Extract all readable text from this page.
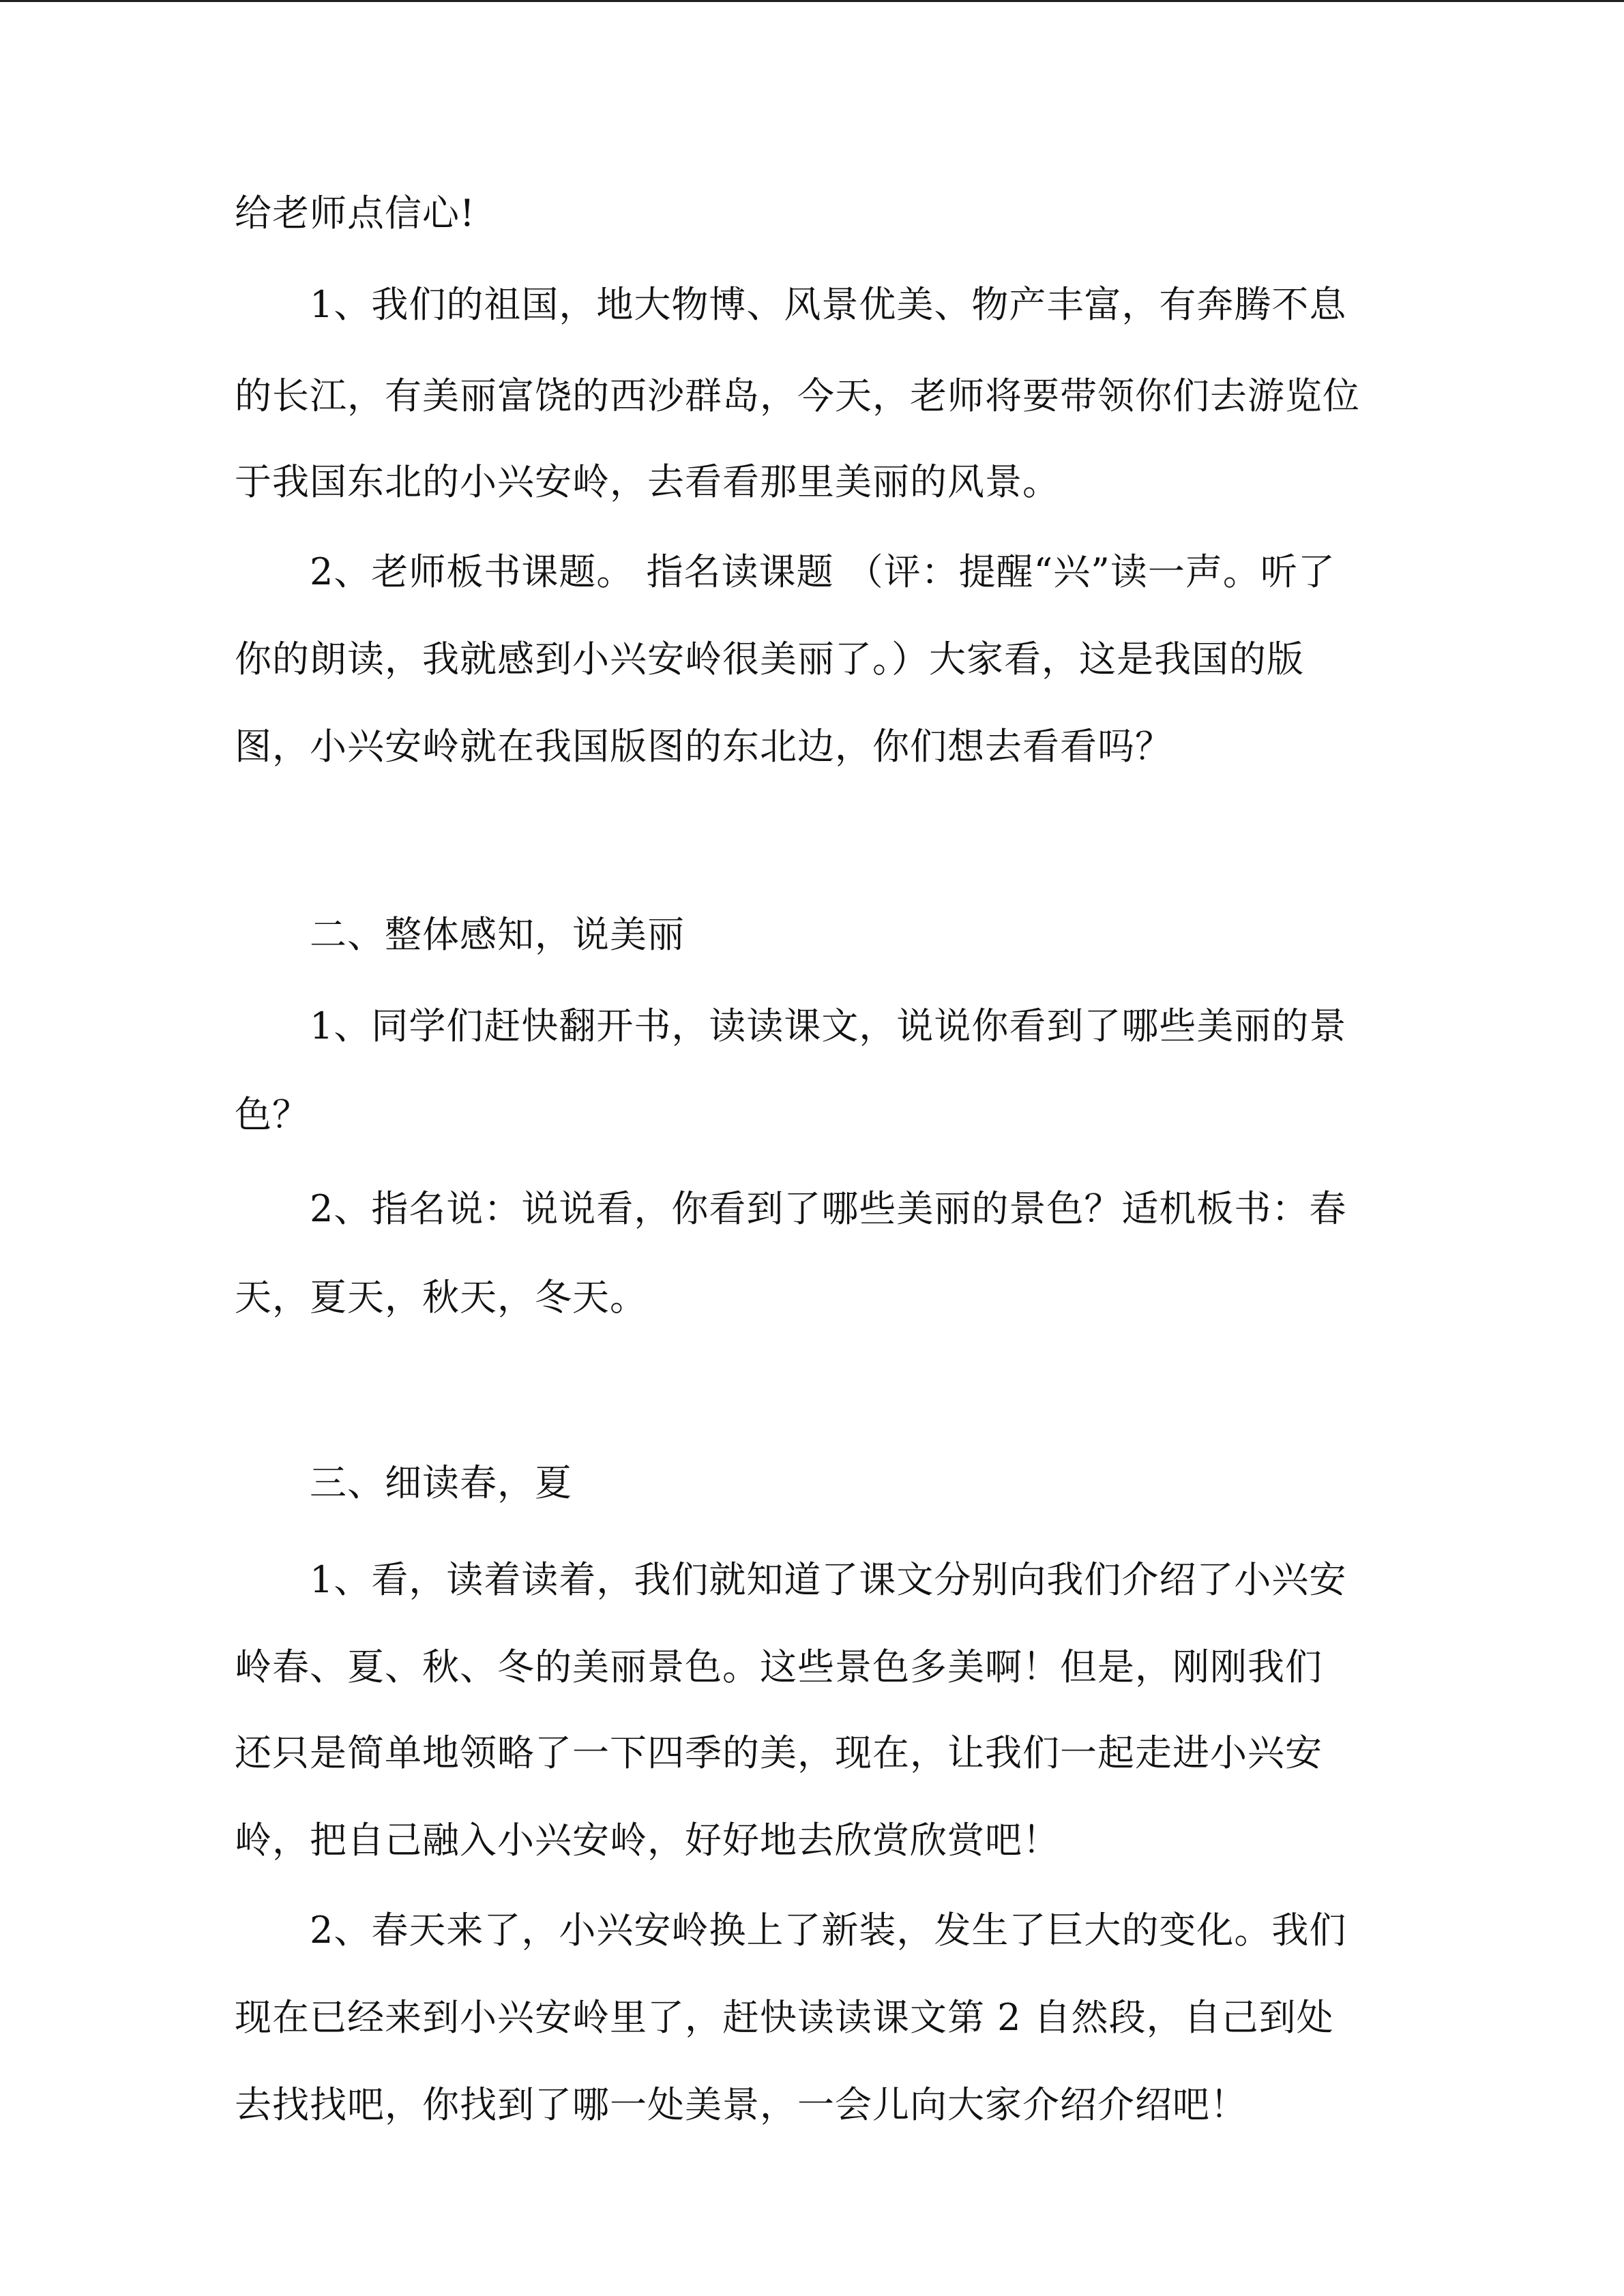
给老师点信心!
1、我们的祖国，地大物博、风景优美、物产丰富，有奔腾不息
的长江，有美丽富饶的西沙群岛，今天，老师将要带领你们去游览位
于我国东北的小兴安岭，去看看那里美丽的风景。
2、老师板书课题。 指名读课题 （评：提醒“兴”读一声。听了
你的朗读，我就感到小兴安岭很美丽了。）大家看，这是我国的版
图，小兴安岭就在我国版图的东北边，你们想去看看吗？
二、整体感知，说美丽
1、同学们赶快翻开书，读读课文，说说你看到了哪些美丽的景
色？
2、指名说：说说看，你看到了哪些美丽的景色？适机板书：春
天，夏天，秋天，冬天。
三、细读春，夏
1、看，读着读着，我们就知道了课文分别向我们介绍了小兴安
岭春、夏、秋、冬的美丽景色。这些景色多美啊！但是，刚刚我们
还只是简单地领略了一下四季的美，现在，让我们一起走进小兴安
岭，把自己融入小兴安岭，好好地去欣赏欣赏吧！
2、春天来了，小兴安岭换上了新装，发生了巨大的变化。我们
现在已经来到小兴安岭里了，赶快读读课文第 2 自然段，自己到处
去找找吧，你找到了哪一处美景，一会儿向大家介绍介绍吧！
